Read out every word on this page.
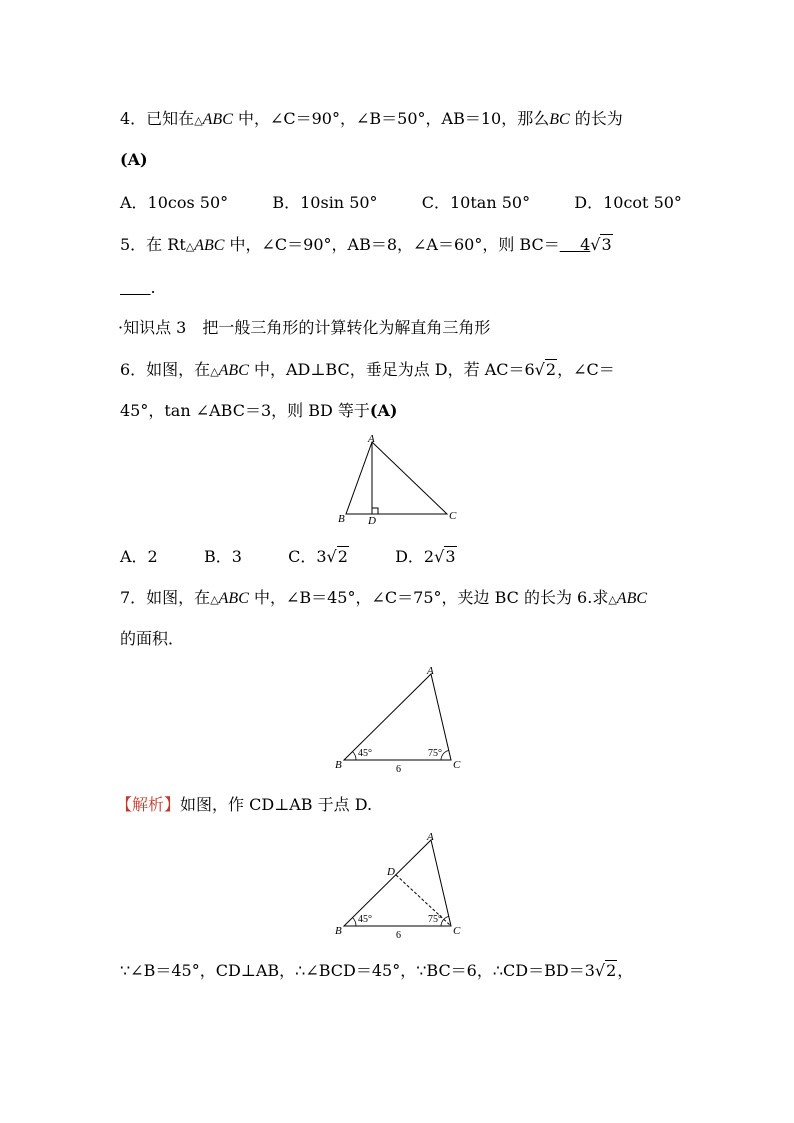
4．已知在△ABC 中，∠C＝90°，∠B＝50°，AB＝10，那么BC 的长为
(A)
A．10cos 50°	B．10sin 50°	C．10tan 50°	D．10cot 50°
5．在 Rt△ABC 中，∠C＝90°，AB＝8，∠A＝60°，则 BC＝   4√3
   .
·知识点 3　把一般三角形的计算转化为解直角三角形
6．如图，在△ABC 中，AD⊥BC，垂足为点 D，若 AC＝6√2，∠C＝
45°，tan ∠ABC＝3，则 BD 等于(A)
A
B D	C
A．2	B．3	C．3√2	D．2√3
7．如图，在△ABC 中，∠B＝45°，∠C＝75°，夹边 BC 的长为 6.求△ABC
的面积．
A
B	C
45°	75°
6
【解析】如图，作 CD⊥AB 于点 D.
A
D
B	C
45°	75°
6
∵∠B＝45°，CD⊥AB，∴∠BCD＝45°，∵BC＝6，∴CD＝BD＝3√2，
